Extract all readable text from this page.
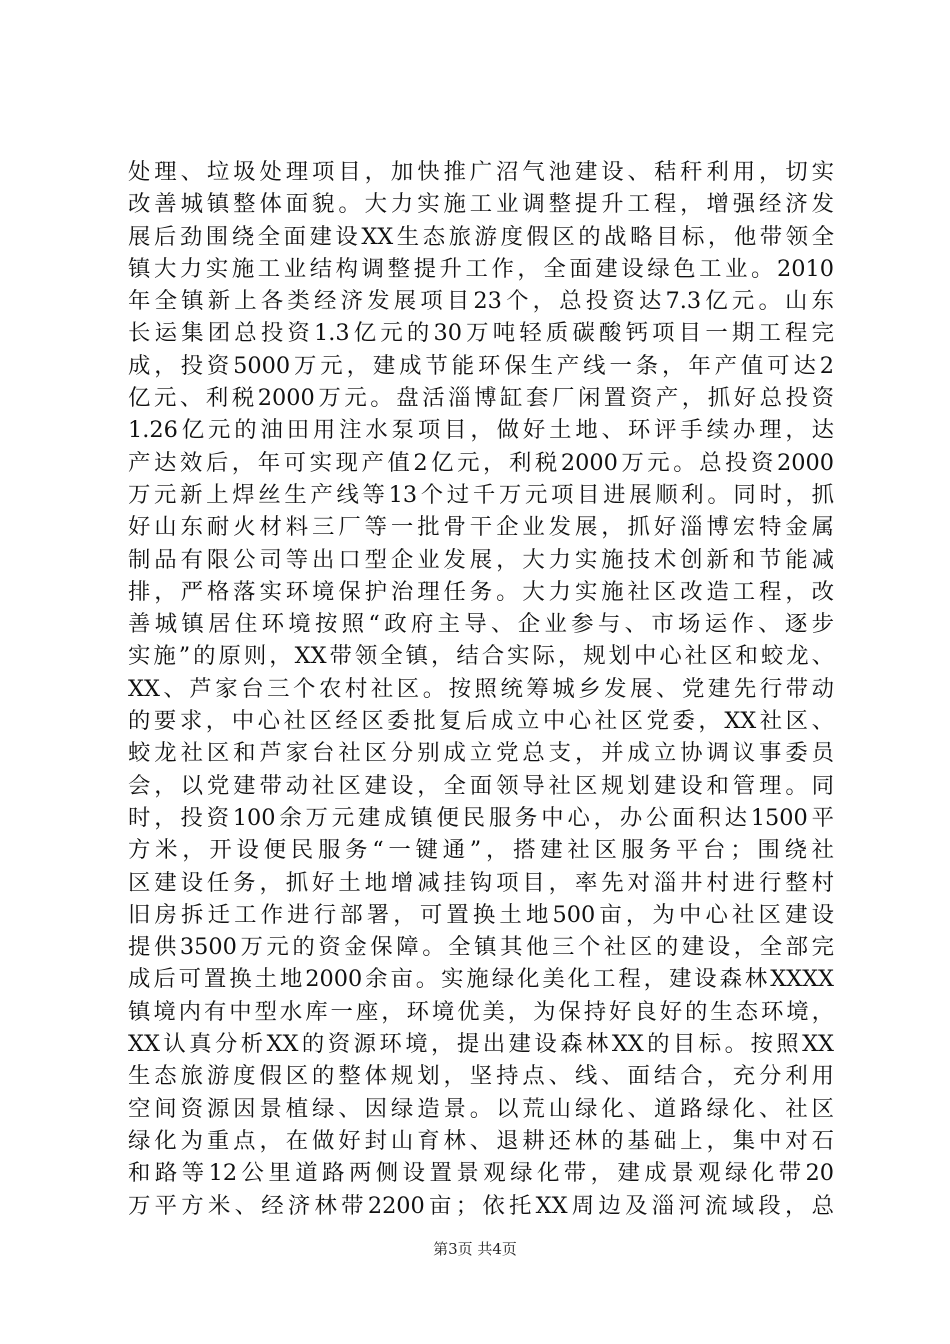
处理、垃圾处理项目，加快推广沼气池建设、秸秆利用，切实
改善城镇整体面貌。大力实施工业调整提升工程，增强经济发
展后劲围绕全面建设XX生态旅游度假区的战略目标，他带领全
镇大力实施工业结构调整提升工作，全面建设绿色工业。2010
年全镇新上各类经济发展项目23个，总投资达7.3亿元。山东
长运集团总投资1.3亿元的30万吨轻质碳酸钙项目一期工程完
成，投资5000万元，建成节能环保生产线一条，年产值可达2
亿元、利税2000万元。盘活淄博缸套厂闲置资产，抓好总投资
1.26亿元的油田用注水泵项目，做好土地、环评手续办理，达
产达效后，年可实现产值2亿元，利税2000万元。总投资2000
万元新上焊丝生产线等13个过千万元项目进展顺利。同时，抓
好山东耐火材料三厂等一批骨干企业发展，抓好淄博宏特金属
制品有限公司等出口型企业发展，大力实施技术创新和节能减
排，严格落实环境保护治理任务。大力实施社区改造工程，改
善城镇居住环境按照“政府主导、企业参与、市场运作、逐步
实施”的原则，XX带领全镇，结合实际，规划中心社区和蛟龙、
XX、芦家台三个农村社区。按照统筹城乡发展、党建先行带动
的要求，中心社区经区委批复后成立中心社区党委，XX社区、
蛟龙社区和芦家台社区分别成立党总支，并成立协调议事委员
会，以党建带动社区建设，全面领导社区规划建设和管理。同
时，投资100余万元建成镇便民服务中心，办公面积达1500平
方米，开设便民服务“一键通”，搭建社区服务平台；围绕社
区建设任务，抓好土地增减挂钩项目，率先对淄井村进行整村
旧房拆迁工作进行部署，可置换土地500亩，为中心社区建设
提供3500万元的资金保障。全镇其他三个社区的建设，全部完
成后可置换土地2000余亩。实施绿化美化工程，建设森林XXXX
镇境内有中型水库一座，环境优美，为保持好良好的生态环境，
XX认真分析XX的资源环境，提出建设森林XX的目标。按照XX
生态旅游度假区的整体规划，坚持点、线、面结合，充分利用
空间资源因景植绿、因绿造景。以荒山绿化、道路绿化、社区
绿化为重点，在做好封山育林、退耕还林的基础上，集中对石
和路等12公里道路两侧设置景观绿化带，建成景观绿化带20
万平方米、经济林带2200亩；依托XX周边及淄河流域段，总
第3页 共4页
